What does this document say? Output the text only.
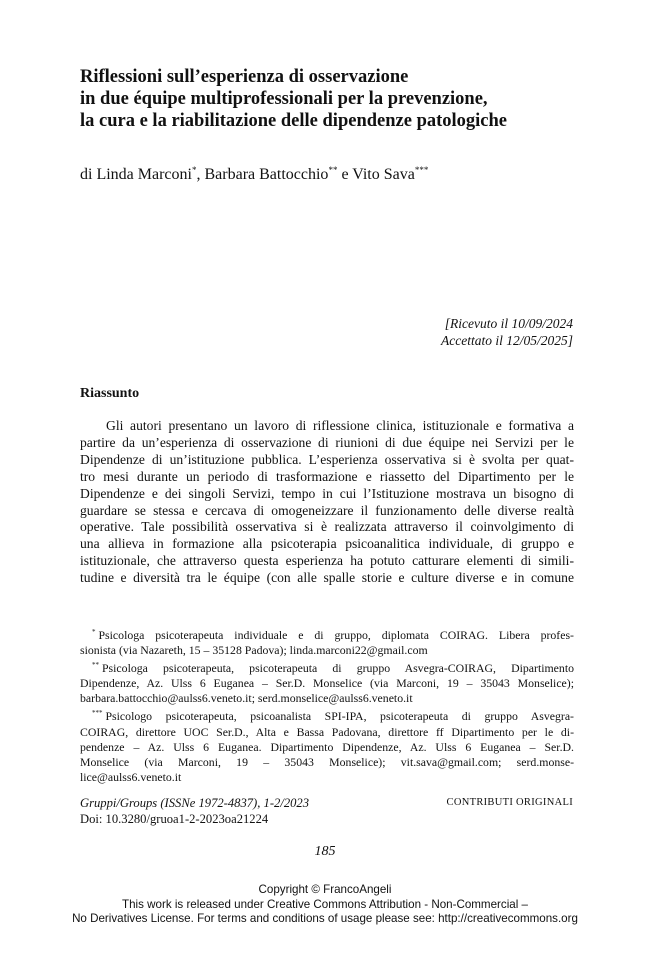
Riflessioni sull’esperienza di osservazione
in due équipe multiprofessionali per la prevenzione,
la cura e la riabilitazione delle dipendenze patologiche
di Linda Marconi*, Barbara Battocchio** e Vito Sava***
[Ricevuto il 10/09/2024
Accettato il 12/05/2025]
Riassunto
Gli autori presentano un lavoro di riflessione clinica, istituzionale e formativa a
partire da un’esperienza di osservazione di riunioni di due équipe nei Servizi per le
Dipendenze di un’istituzione pubblica. L’esperienza osservativa si è svolta per quat-
tro mesi durante un periodo di trasformazione e riassetto del Dipartimento per le
Dipendenze e dei singoli Servizi, tempo in cui l’Istituzione mostrava un bisogno di
guardare se stessa e cercava di omogeneizzare il funzionamento delle diverse realtà
operative. Tale possibilità osservativa si è realizzata attraverso il coinvolgimento di
una allieva in formazione alla psicoterapia psicoanalitica individuale, di gruppo e
istituzionale, che attraverso questa esperienza ha potuto catturare elementi di simili-
tudine e diversità tra le équipe (con alle spalle storie e culture diverse e in comune
* Psicologa psicoterapeuta individuale e di gruppo, diplomata COIRAG. Libera profes-
sionista (via Nazareth, 15 – 35128 Padova); linda.marconi22@gmail.com
** Psicologa psicoterapeuta, psicoterapeuta di gruppo Asvegra-COIRAG, Dipartimento
Dipendenze, Az. Ulss 6 Euganea – Ser.D. Monselice (via Marconi, 19 – 35043 Monselice);
barbara.battocchio@aulss6.veneto.it; serd.monselice@aulss6.veneto.it
*** Psicologo psicoterapeuta, psicoanalista SPI-IPA, psicoterapeuta di gruppo Asvegra-
COIRAG, direttore UOC Ser.D., Alta e Bassa Padovana, direttore ff Dipartimento per le di-
pendenze – Az. Ulss 6 Euganea. Dipartimento Dipendenze, Az. Ulss 6 Euganea – Ser.D.
Monselice (via Marconi, 19 – 35043 Monselice); vit.sava@gmail.com; serd.monse-
lice@aulss6.veneto.it
Gruppi/Groups (ISSNe 1972-4837), 1-2/2023
Doi: 10.3280/gruoa1-2-2023oa21224
CONTRIBUTI ORIGINALI
185
Copyright © FrancoAngeli
This work is released under Creative Commons Attribution - Non-Commercial –
No Derivatives License. For terms and conditions of usage please see: http://creativecommons.org
